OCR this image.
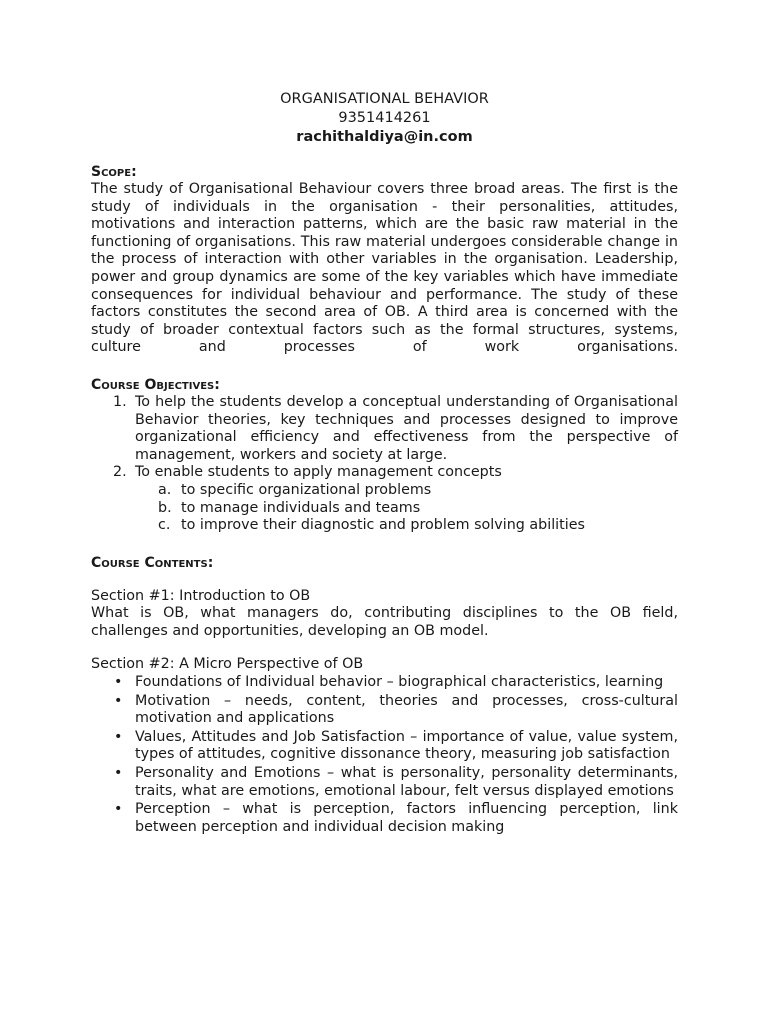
ORGANISATIONAL BEHAVIOR
9351414261
rachithaldiya@in.com
Scope:
The study of Organisational Behaviour covers three broad areas. The first is the study of individuals in the organisation - their personalities, attitudes, motivations and interaction patterns, which are the basic raw material in the functioning of organisations. This raw material undergoes considerable change in the process of interaction with other variables in the organisation. Leadership, power and group dynamics are some of the key variables which have immediate consequences for individual behaviour and performance. The study of these factors constitutes the second area of OB. A third area is concerned with the study of broader contextual factors such as the formal structures, systems, culture and processes of work organisations.
Course Objectives:
1. To help the students develop a conceptual understanding of Organisational Behavior theories, key techniques and processes designed to improve organizational efficiency and effectiveness from the perspective of management, workers and society at large.
2. To enable students to apply management concepts
a. to specific organizational problems
b. to manage individuals and teams
c. to improve their diagnostic and problem solving abilities
Course Contents:
Section #1: Introduction to OB
What is OB, what managers do, contributing disciplines to the OB field, challenges and opportunities, developing an OB model.
Section #2: A Micro Perspective of OB
• Foundations of Individual behavior – biographical characteristics, learning
• Motivation – needs, content, theories and processes, cross-cultural motivation and applications
• Values, Attitudes and Job Satisfaction – importance of value, value system, types of attitudes, cognitive dissonance theory, measuring job satisfaction
• Personality and Emotions – what is personality, personality determinants, traits, what are emotions, emotional labour, felt versus displayed emotions
• Perception – what is perception, factors influencing perception, link between perception and individual decision making
